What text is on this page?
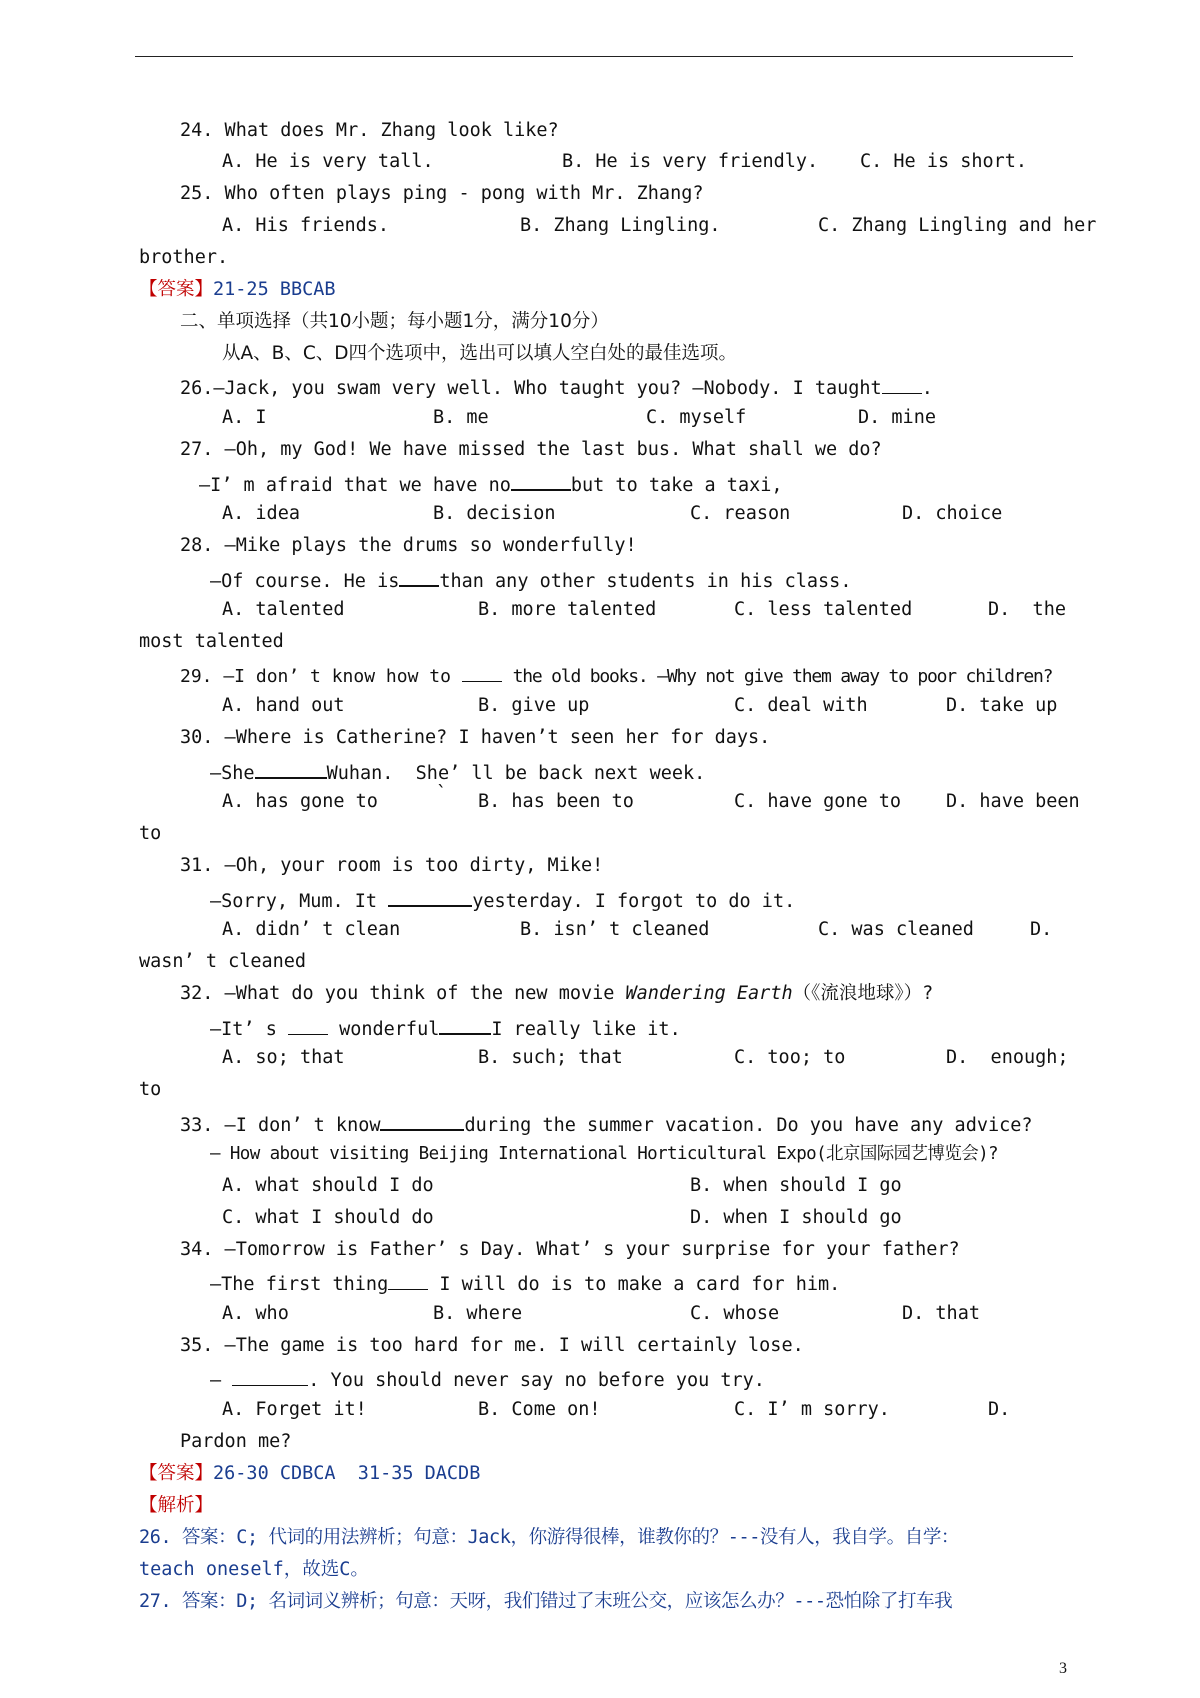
24. What does Mr. Zhang look like?
A. He is very tall.	B. He is very friendly. C. He is short.
25. Who often plays ping - pong with Mr. Zhang?
A. His friends.	B. Zhang Lingling.	C. Zhang Lingling and her
brother.
【答案】21-25 BBCAB
二、单项选择（共10小题；每小题1分，满分10分）
从A、B、C、D四个选项中，选出可以填人空白处的最佳选项。
26.—Jack, you swam very well. Who taught you? —Nobody. I taught .
A. I	B. me	C. myself	D. mine
27. —Oh, my God! We have missed the last bus. What shall we do?
—I’ m afraid that we have no	but to take a taxi,
A. idea	B. decision	C. reason	D. choice
28. —Mike plays the drums so wonderfully!
—Of course. He is than any other students in his class.
A. talented	B. more talented	C. less talented	D.  the
most talented
29. —I don’ t know how to	the old books. —Why not give them away to poor children?
A. hand out	B. give up	C. deal with	D. take up
30. —Where is Catherine? I haven’t seen her for days.
—She	Wuhan.  She’ ll be back next week.
A. has gone to	` B. has been to	C. have gone to D. have been
to
31. —Oh, your room is too dirty, Mike!
—Sorry, Mum. It	yesterday. I forgot to do it.
A. didn’ t clean	B. isn’ t cleaned	C. was cleaned	D.
wasn’ t cleaned
32. —What do you think of the new movie Wandering Earth（《流浪地球》）?
—It’ s	wonderful	I really like it.
A. so; that	B. such; that	C. too; to	D.  enough;
to
33. —I don’ t know	during the summer vacation. Do you have any advice?
— How about visiting Beijing International Horticultural Expo(北京国际园艺博览会)?
A. what should I do	B. when should I go
C. what I should do	D. when I should go
34. —Tomorrow is Father’ s Day. What’ s your surprise for your father?
—The first thing I will do is to make a card for him.
A. who	B. where	C. whose	D. that
35. —The game is too hard for me. I will certainly lose.
—	. You should never say no before you try.
A. Forget it!	B. Come on!	C. I’ m sorry.	D.
Pardon me?
【答案】26-30 CDBCA  31-35 DACDB
【解析】
26. 答案：C; 代词的用法辨析；句意：Jack，你游得很棒，谁教你的？---没有人，我自学。自学：
teach oneself，故选C。
27. 答案：D; 名词词义辨析；句意：天呀，我们错过了末班公交，应该怎么办？---恐怕除了打车我
3
